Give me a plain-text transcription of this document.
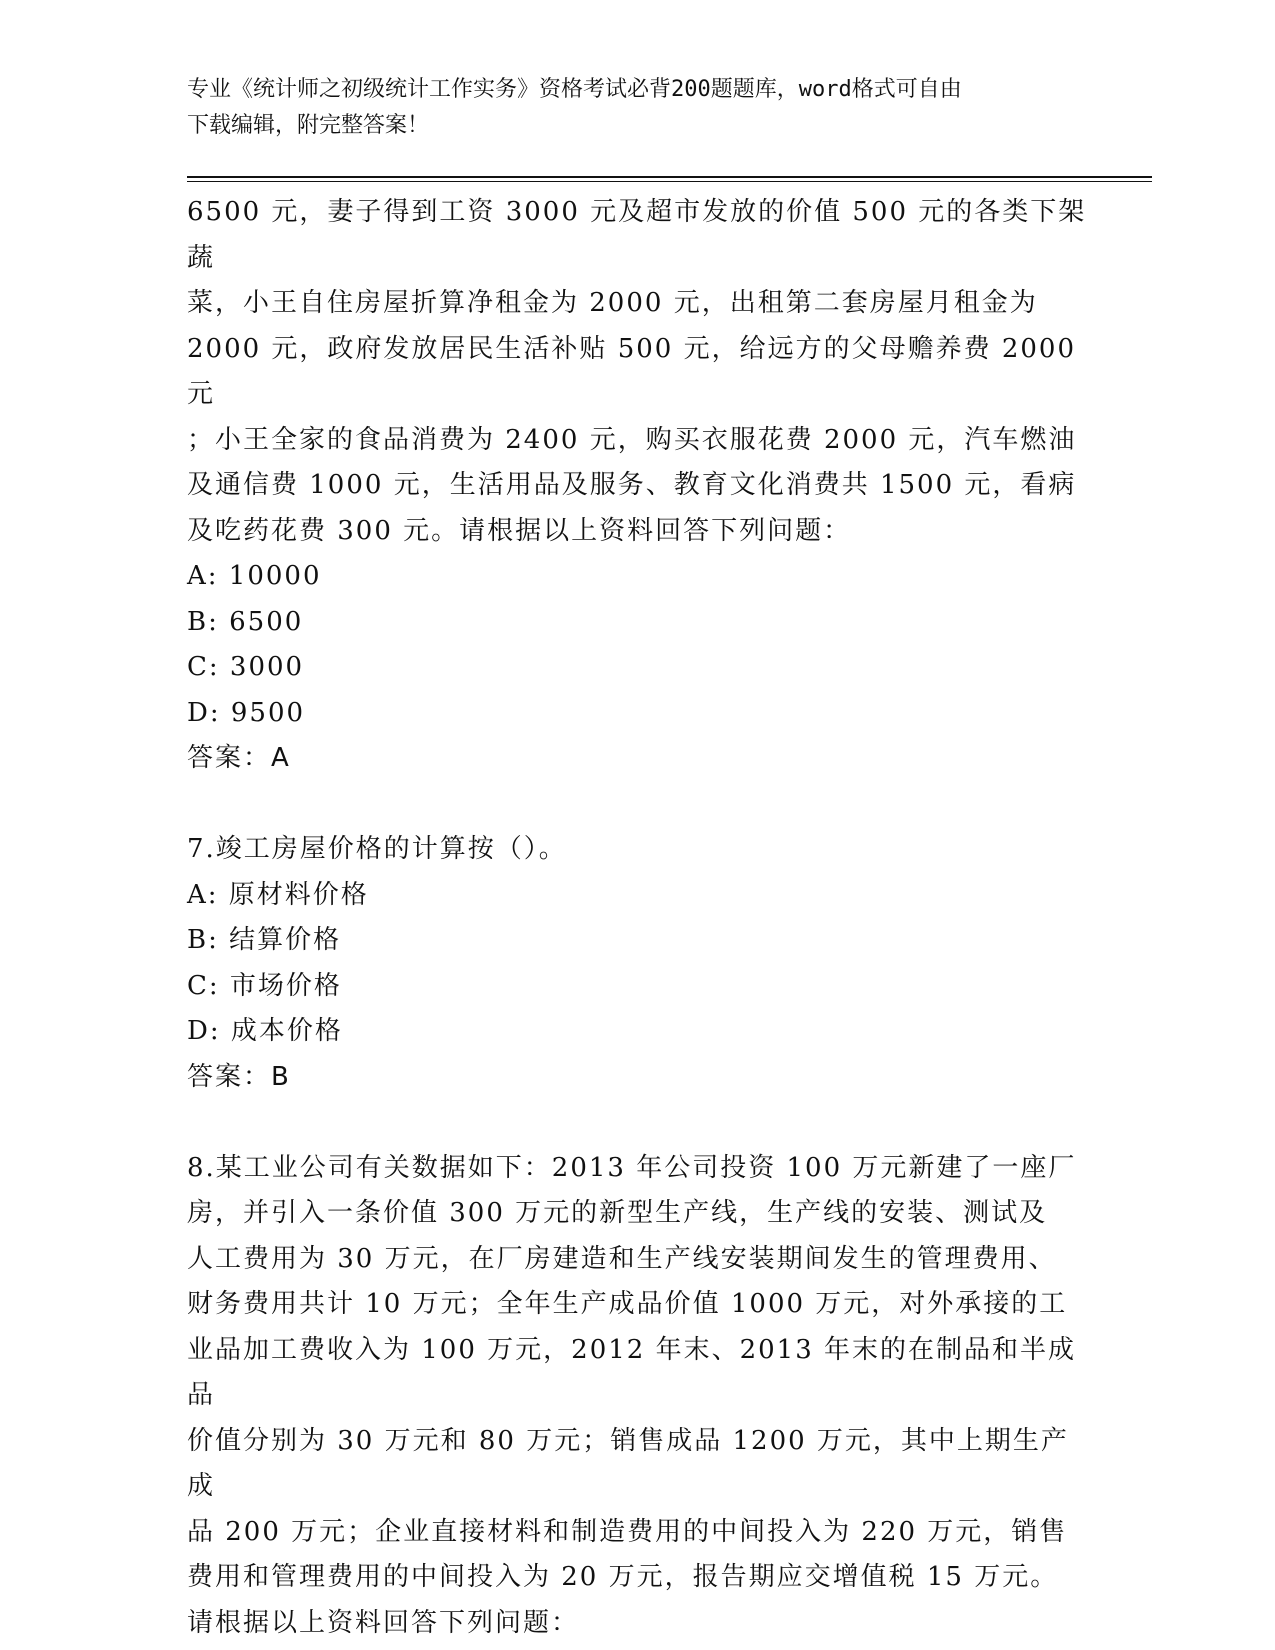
专业《统计师之初级统计工作实务》资格考试必背200题题库，word格式可自由
下载编辑，附完整答案！

6500 元，妻子得到工资 3000 元及超市发放的价值 500 元的各类下架蔬

菜，小王自住房屋折算净租金为 2000 元，出租第二套房屋月租金为

2000 元，政府发放居民生活补贴 500 元，给远方的父母赡养费 2000 元

；小王全家的食品消费为 2400 元，购买衣服花费 2000 元，汽车燃油

及通信费 1000 元，生活用品及服务、教育文化消费共 1500 元，看病

及吃药花费 300 元。请根据以上资料回答下列问题：

A: 10000

B: 6500

C: 3000

D: 9500

答案：A

7.竣工房屋价格的计算按（）。

A: 原材料价格

B: 结算价格

C: 市场价格

D: 成本价格

答案：B

8.某工业公司有关数据如下：2013 年公司投资 100 万元新建了一座厂

房，并引入一条价值 300 万元的新型生产线，生产线的安装、测试及

人工费用为 30 万元，在厂房建造和生产线安装期间发生的管理费用、

财务费用共计 10 万元；全年生产成品价值 1000 万元，对外承接的工

业品加工费收入为 100 万元，2012 年末、2013 年末的在制品和半成品

价值分别为 30 万元和 80 万元；销售成品 1200 万元，其中上期生产成

品 200 万元；企业直接材料和制造费用的中间投入为 220 万元，销售

费用和管理费用的中间投入为 20 万元，报告期应交增值税 15 万元。

请根据以上资料回答下列问题：
